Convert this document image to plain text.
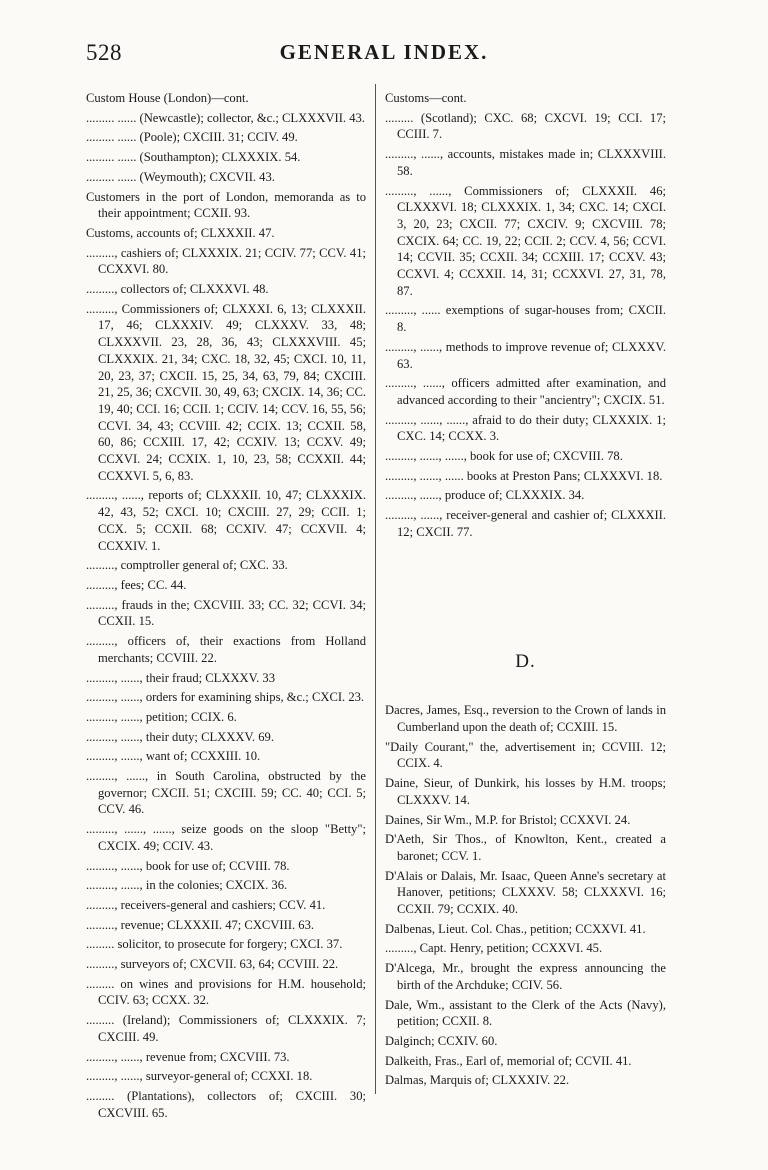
528	GENERAL INDEX.

Custom House (London)—cont.

......... ...... (Newcastle); collector, &c.; CLXXXVII. 43.

......... ...... (Poole); CXCIII. 31; CCIV. 49.

......... ...... (Southampton); CLXXXIX. 54.

......... ...... (Weymouth); CXCVII. 43.

Customers in the port of London, memoranda as to their appointment; CCXII. 93.

Customs, accounts of; CLXXXII. 47.

........., cashiers of; CLXXXIX. 21; CCIV. 77; CCV. 41; CCXXVI. 80.

........., collectors of; CLXXXVI. 48.

........., Commissioners of; CLXXXI. 6, 13; CLXXXII. 17, 46; CLXXXIV. 49; CLXXXV. 33, 48; CLXXXVII. 23, 28, 36, 43; CLXXXVIII. 45; CLXXXIX. 21, 34; CXC. 18, 32, 45; CXCI. 10, 11, 20, 23, 37; CXCII. 15, 25, 34, 63, 79, 84; CXCIII. 21, 25, 36; CXCVII. 30, 49, 63; CXCIX. 14, 36; CC. 19, 40; CCI. 16; CCII. 1; CCIV. 14; CCV. 16, 55, 56; CCVI. 34, 43; CCVIII. 42; CCIX. 13; CCXII. 58, 60, 86; CCXIII. 17, 42; CCXIV. 13; CCXV. 49; CCXVI. 24; CCXIX. 1, 10, 23, 58; CCXXII. 44; CCXXVI. 5, 6, 83.

........., ......, reports of; CLXXXII. 10, 47; CLXXXIX. 42, 43, 52; CXCI. 10; CXCIII. 27, 29; CCII. 1; CCX. 5; CCXII. 68; CCXIV. 47; CCXVII. 4; CCXXIV. 1.

........., comptroller general of; CXC. 33.

........., fees; CC. 44.

........., frauds in the; CXCVIII. 33; CC. 32; CCVI. 34; CCXII. 15.

........., officers of, their exactions from Holland merchants; CCVIII. 22.

........., ......, their fraud; CLXXXV. 33

........., ......, orders for examining ships, &c.; CXCI. 23.

........., ......, petition; CCIX. 6.

........., ......, their duty; CLXXXV. 69.

........., ......, want of; CCXXIII. 10.

........., ......, in South Carolina, obstructed by the governor; CXCII. 51; CXCIII. 59; CC. 40; CCI. 5; CCV. 46.

........., ......, ......, seize goods on the sloop "Betty"; CXCIX. 49; CCIV. 43.

........., ......, book for use of; CCVIII. 78.

........., ......, in the colonies; CXCIX. 36.

........., receivers-general and cashiers; CCV. 41.

........., revenue; CLXXXII. 47; CXCVIII. 63.

......... solicitor, to prosecute for forgery; CXCI. 37.

........., surveyors of; CXCVII. 63, 64; CCVIII. 22.

......... on wines and provisions for H.M. household; CCIV. 63; CCXX. 32.

......... (Ireland); Commissioners of; CLXXXIX. 7; CXCIII. 49.

........., ......, revenue from; CXCVIII. 73.

........., ......, surveyor-general of; CCXXI. 18.

......... (Plantations), collectors of; CXCIII. 30; CXCVIII. 65.

Customs—cont.

......... (Scotland); CXC. 68; CXCVI. 19; CCI. 17; CCIII. 7.

........., ......, accounts, mistakes made in; CLXXXVIII. 58.

........., ......, Commissioners of; CLXXXII. 46; CLXXXVI. 18; CLXXXIX. 1, 34; CXC. 14; CXCI. 3, 20, 23; CXCII. 77; CXCIV. 9; CXCVIII. 78; CXCIX. 64; CC. 19, 22; CCII. 2; CCV. 4, 56; CCVI. 14; CCVII. 35; CCXII. 34; CCXIII. 17; CCXV. 43; CCXVI. 4; CCXXII. 14, 31; CCXXVI. 27, 31, 78, 87.

........., ...... exemptions of sugar-houses from; CXCII. 8.

........., ......, methods to improve revenue of; CLXXXV. 63.

........., ......, officers admitted after examination, and advanced according to their "ancientry"; CXCIX. 51.

........., ......, ......, afraid to do their duty; CLXXXIX. 1; CXC. 14; CCXX. 3.

........., ......, ......, book for use of; CXCVIII. 78.

........., ......, ...... books at Preston Pans; CLXXXVI. 18.

........., ......, produce of; CLXXXIX. 34.

........., ......, receiver-general and cashier of; CLXXXII. 12; CXCII. 77.

D.

Dacres, James, Esq., reversion to the Crown of lands in Cumberland upon the death of; CCXIII. 15.

"Daily Courant," the, advertisement in; CCVIII. 12; CCIX. 4.

Daine, Sieur, of Dunkirk, his losses by H.M. troops; CLXXXV. 14.

Daines, Sir Wm., M.P. for Bristol; CCXXVI. 24.

D'Aeth, Sir Thos., of Knowlton, Kent., created a baronet; CCV. 1.

D'Alais or Dalais, Mr. Isaac, Queen Anne's secretary at Hanover, petitions; CLXXXV. 58; CLXXXVI. 16; CCXII. 79; CCXIX. 40.

Dalbenas, Lieut. Col. Chas., petition; CCXXVI. 41.

........., Capt. Henry, petition; CCXXVI. 45.

D'Alcega, Mr., brought the express announcing the birth of the Archduke; CCIV. 56.

Dale, Wm., assistant to the Clerk of the Acts (Navy), petition; CCXII. 8.

Dalginch; CCXIV. 60.

Dalkeith, Fras., Earl of, memorial of; CCVII. 41.

Dalmas, Marquis of; CLXXXIV. 22.
